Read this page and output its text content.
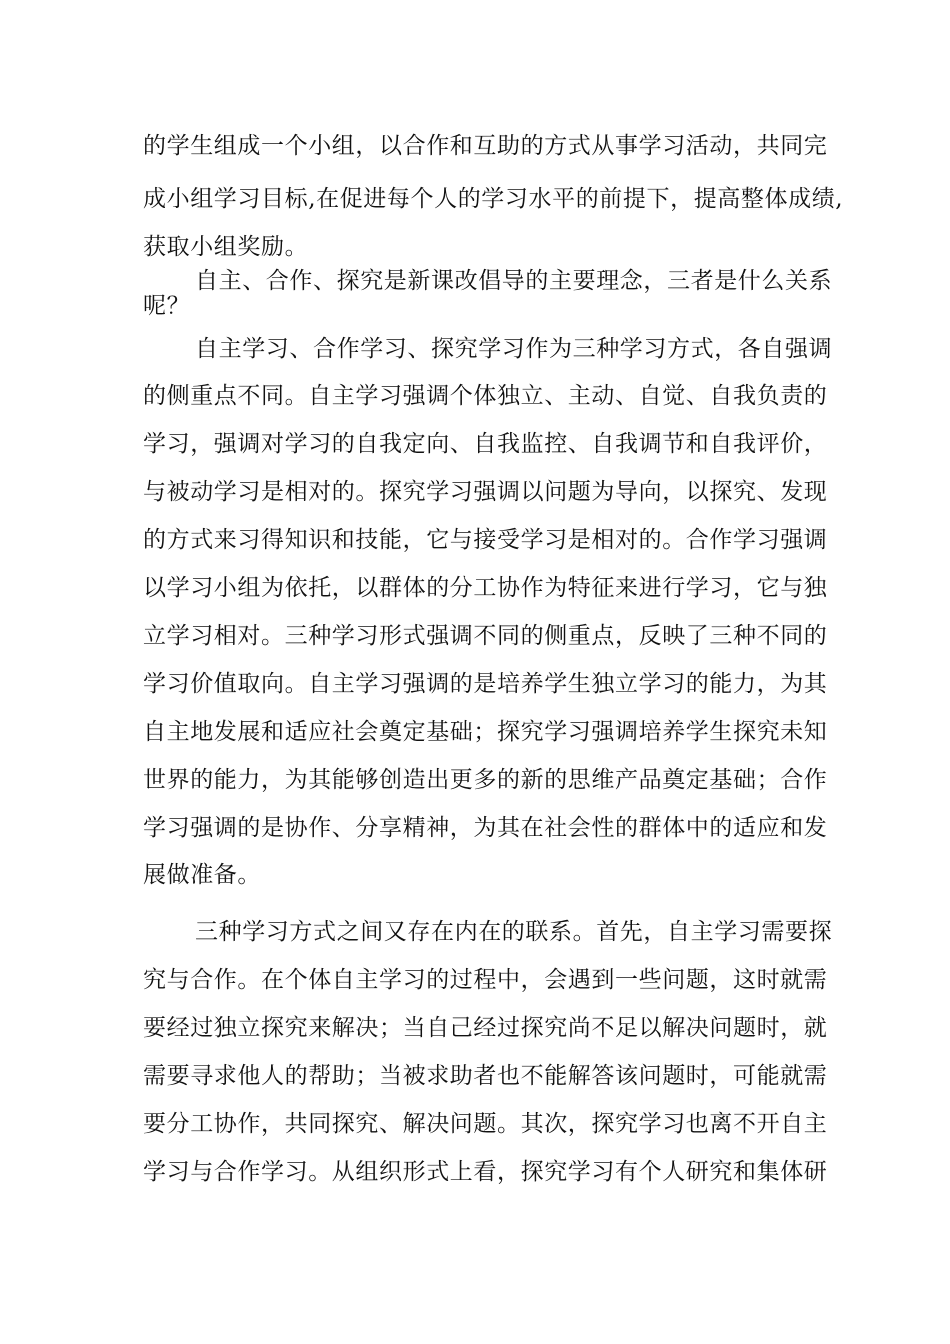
的学生组成一个小组，以合作和互助的方式从事学习活动，共同完
成小组学习目标,在促进每个人的学习水平的前提下，提高整体成绩,
获取小组奖励。
自主、合作、探究是新课改倡导的主要理念，三者是什么关系
呢？
自主学习、合作学习、探究学习作为三种学习方式，各自强调
的侧重点不同。自主学习强调个体独立、主动、自觉、自我负责的
学习，强调对学习的自我定向、自我监控、自我调节和自我评价，
与被动学习是相对的。探究学习强调以问题为导向，以探究、发现
的方式来习得知识和技能，它与接受学习是相对的。合作学习强调
以学习小组为依托，以群体的分工协作为特征来进行学习，它与独
立学习相对。三种学习形式强调不同的侧重点，反映了三种不同的
学习价值取向。自主学习强调的是培养学生独立学习的能力，为其
自主地发展和适应社会奠定基础；探究学习强调培养学生探究未知
世界的能力，为其能够创造出更多的新的思维产品奠定基础；合作
学习强调的是协作、分享精神，为其在社会性的群体中的适应和发
展做准备。
三种学习方式之间又存在内在的联系。首先，自主学习需要探
究与合作。在个体自主学习的过程中，会遇到一些问题，这时就需
要经过独立探究来解决；当自己经过探究尚不足以解决问题时，就
需要寻求他人的帮助；当被求助者也不能解答该问题时，可能就需
要分工协作，共同探究、解决问题。其次，探究学习也离不开自主
学习与合作学习。从组织形式上看，探究学习有个人研究和集体研
